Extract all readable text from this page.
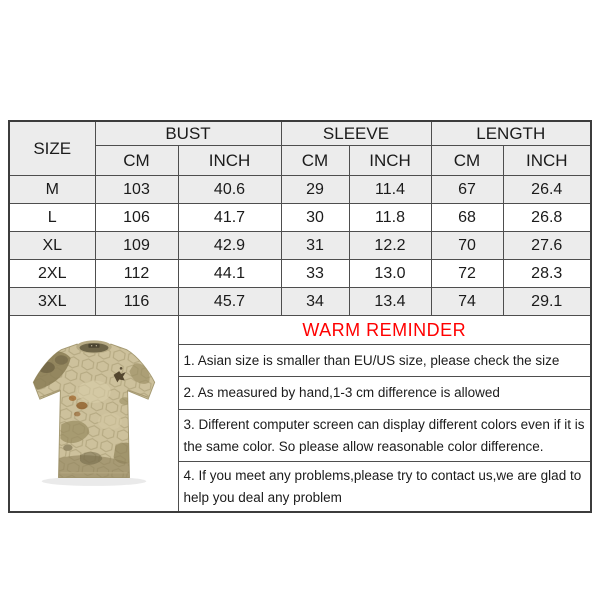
SIZE	BUST		SLEEVE		LENGTH	
	CM	INCH	CM	INCH	CM	INCH
M	103	40.6	29	11.4	67	26.4
L	106	41.7	30	11.8	68	26.8
XL	109	42.9	31	12.2	70	27.6
2XL	112	44.1	33	13.0	72	28.3
3XL	116	45.7	34	13.4	74	29.1

	WARM REMINDER				
		1. Asian size is smaller than EU/US size, please check the size				
		2. As measured by hand,1-3 cm difference is allowed				
		3. Different computer screen can display different colors even if it is the same color. So please allow reasonable color difference.				
		4. If you meet any problems,please try to contact us,we are glad to help you deal any problem				
